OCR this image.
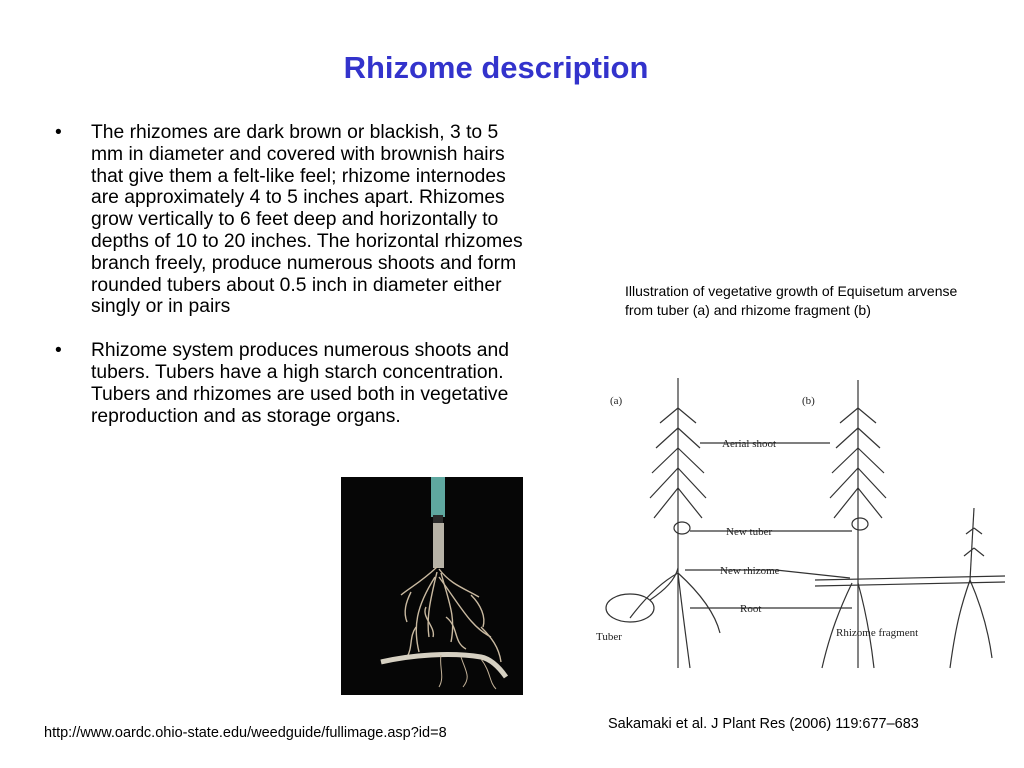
Rhizome description
• The rhizomes are dark brown or blackish, 3 to 5 mm in diameter and covered with brownish hairs that give them a felt-like feel; rhizome internodes are approximately 4 to 5 inches apart. Rhizomes grow vertically to 6 feet deep and horizontally to depths of 10 to 20 inches. The horizontal rhizomes branch freely, produce numerous shoots and form rounded tubers about 0.5 inch in diameter either singly or in pairs
• Rhizome system produces numerous shoots and tubers. Tubers have a high starch concentration. Tubers and rhizomes are used both in vegetative reproduction and as storage organs.
Illustration of vegetative growth of Equisetum arvense from tuber (a) and rhizome fragment (b)
(a)	(b)
Aerial shoot
New tuber
New rhizome
Root
Tuber	Rhizome fragment
http://www.oardc.ohio-state.edu/weedguide/fullimage.asp?id=8
Sakamaki et al. J Plant Res (2006) 119:677–683
